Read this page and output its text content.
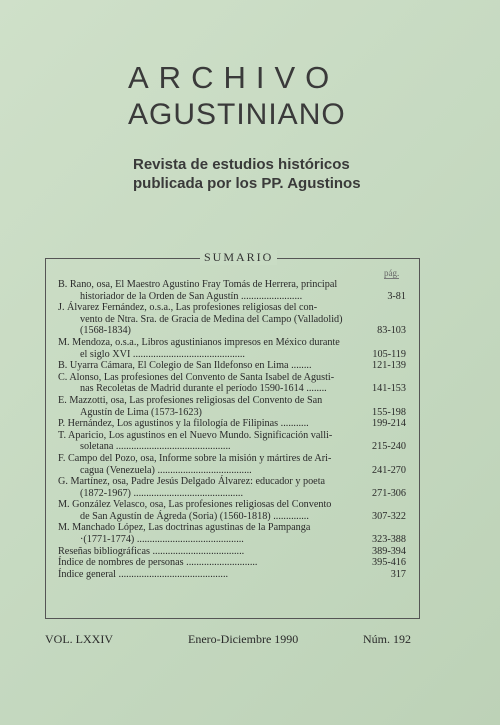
ARCHIVO
AGUSTINIANO
Revista de estudios históricos
publicada por los PP. Agustinos
SUMARIO
pág.
B. Rano, osa, El Maestro Agustino Fray Tomás de Herrera, principal
historiador de la Orden de San Agustín ........................	3-81
J. Álvarez Fernández, o.s.a., Las profesiones religiosas del con-
vento de Ntra. Sra. de Gracia de Medina del Campo (Valladolid)
(1568-1834)	83-103
M. Mendoza, o.s.a., Libros agustinianos impresos en México durante
el siglo XVI ............................................	105-119
B. Uyarra Cámara, El Colegio de San Ildefonso en Lima ........	121-139
C. Alonso, Las profesiones del Convento de Santa Isabel de Agusti-
nas Recoletas de Madrid durante el período 1590-1614 ........	141-153
E. Mazzotti, osa, Las profesiones religiosas del Convento de San
Agustín de Lima (1573-1623)	155-198
P. Hernández, Los agustinos y la filología de Filipinas ...........	199-214
T. Aparicio, Los agustinos en el Nuevo Mundo. Significación valli-
soletana .............................................	215-240
F. Campo del Pozo, osa, Informe sobre la misión y mártires de Ari-
cagua (Venezuela) .....................................	241-270
G. Martínez, osa, Padre Jesús Delgado Álvarez: educador y poeta
(1872-1967) ...........................................	271-306
M. González Velasco, osa, Las profesiones religiosas del Convento
de San Agustín de Ágreda (Soria) (1560-1818) ..............	307-322
M. Manchado López, Las doctrinas agustinas de la Pampanga
·(1771-1774) ..........................................	323-388
Reseñas bibliográficas ....................................	389-394
Índice de nombres de personas ............................	395-416
Índice general ...........................................	317
VOL. LXXIV	Enero-Diciembre 1990	Núm. 192
